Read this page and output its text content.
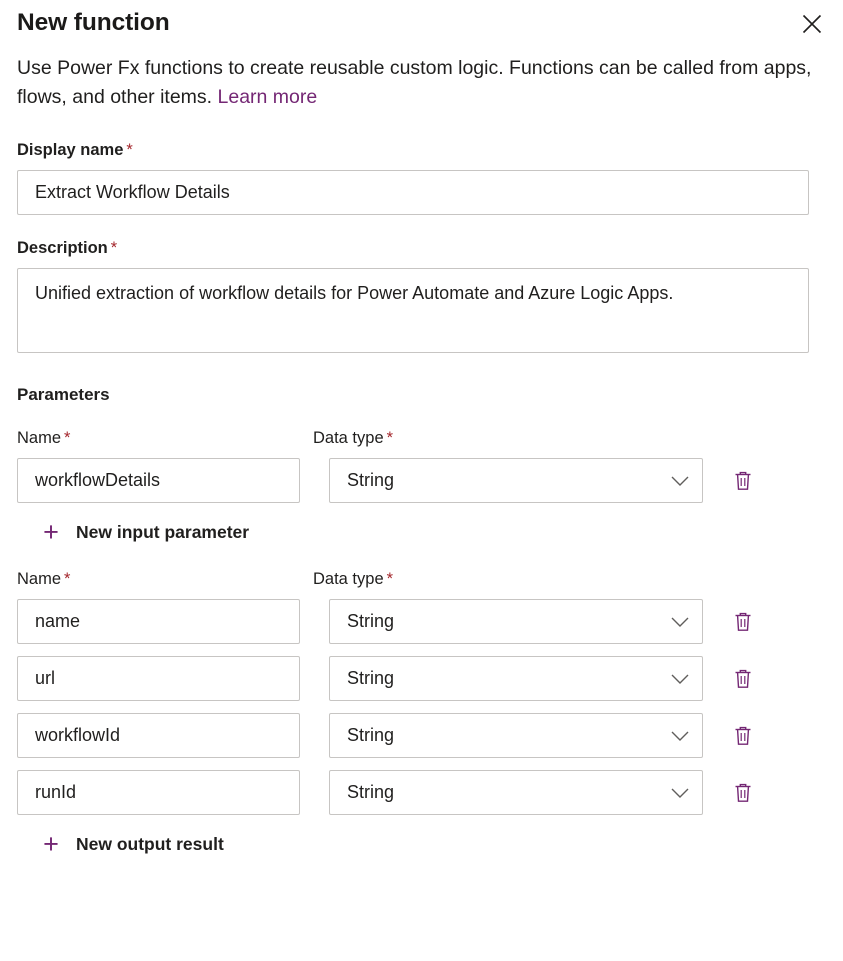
New function
Use Power Fx functions to create reusable custom logic. Functions can be called from apps, flows, and other items. Learn more
Display name *
Extract Workflow Details
Description *
Unified extraction of workflow details for Power Automate and Azure Logic Apps.
Parameters
Name *	Data type *
workflowDetails
String
+ New input parameter
Name *	Data type *
name
String
url
String
workflowId
String
runId
String
+ New output result
